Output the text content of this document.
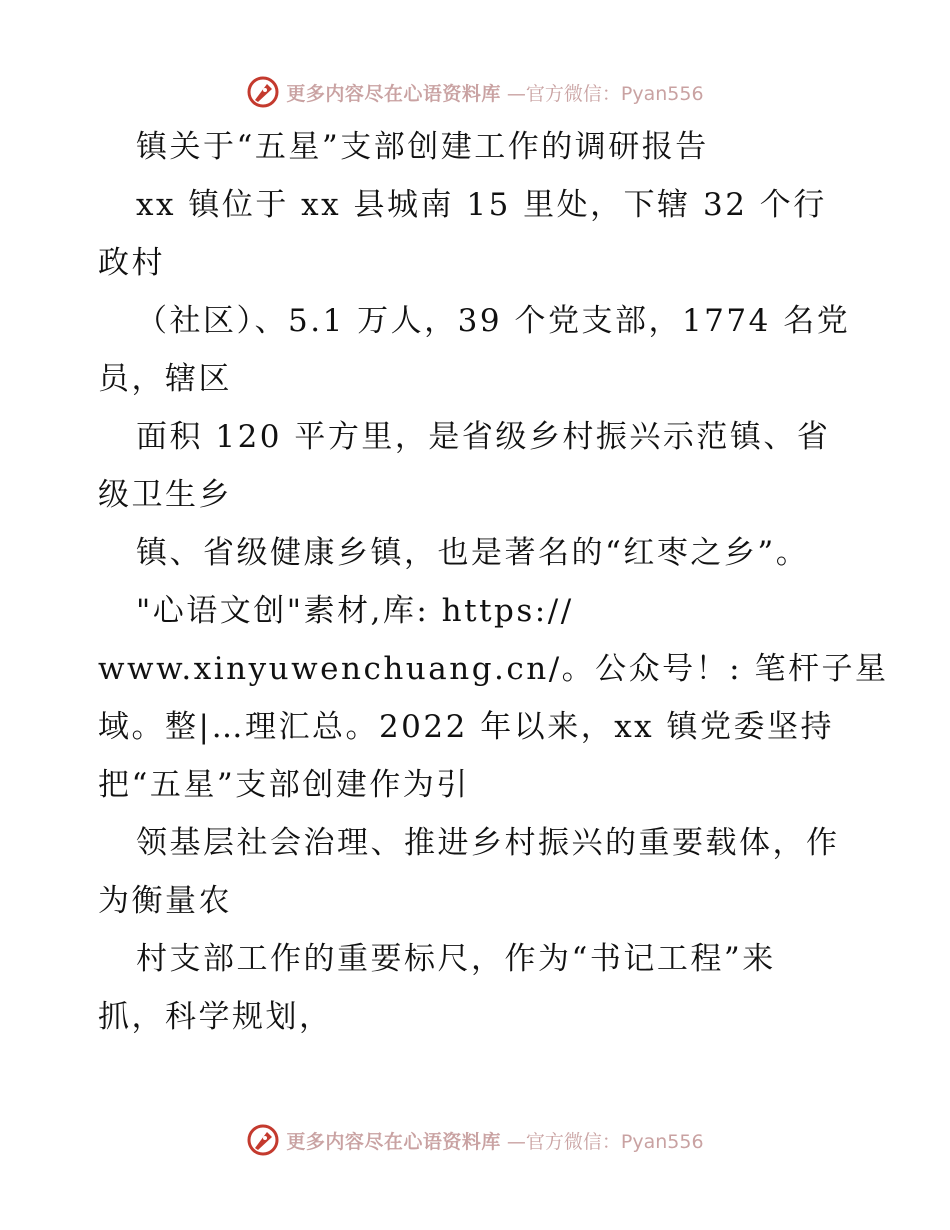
更多内容尽在心语资料库 —官方微信：Pyan556
镇关于“五星”支部创建工作的调研报告
xx 镇位于 xx 县城南 15 里处，下辖 32 个行
政村
（社区）、5.1 万人，39 个党支部，1774 名党
员，辖区
面积 120 平方里，是省级乡村振兴示范镇、省
级卫生乡
镇、省级健康乡镇，也是著名的“红枣之乡”。
"心语文创"素材,库: https://
www.xinyuwenchuang.cn/。公众号！: 笔杆子星
域。整|…理汇总。2022 年以来，xx 镇党委坚持
把“五星”支部创建作为引
领基层社会治理、推进乡村振兴的重要载体，作
为衡量农
村支部工作的重要标尺，作为“书记工程”来
抓，科学规划，
更多内容尽在心语资料库 —官方微信：Pyan556
